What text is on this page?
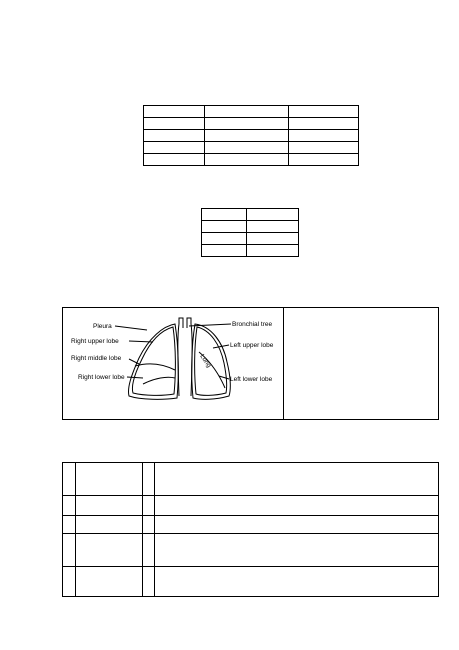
Pleura
Right upper lobe
Right middle lobe
Right lower lobe
Bronchial tree
Left upper lobe
Lung
Left lower lobe
